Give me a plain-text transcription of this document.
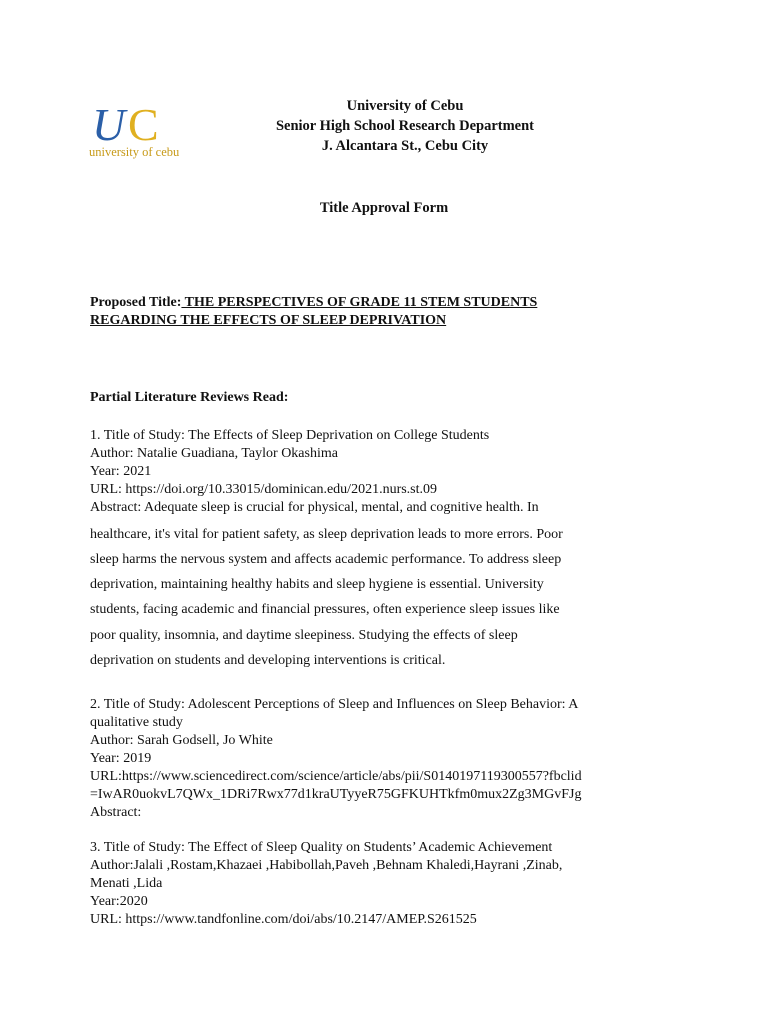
U C
university of cebu
University of Cebu
Senior High School Research Department
J. Alcantara St., Cebu City
Title Approval Form
Proposed Title: THE PERSPECTIVES OF GRADE 11 STEM STUDENTS REGARDING THE EFFECTS OF SLEEP DEPRIVATION
Partial Literature Reviews Read:
1. Title of Study: The Effects of Sleep Deprivation on College Students
Author: Natalie Guadiana, Taylor Okashima
Year: 2021
URL: https://doi.org/10.33015/dominican.edu/2021.nurs.st.09
Abstract: Adequate sleep is crucial for physical, mental, and cognitive health. In
healthcare, it's vital for patient safety, as sleep deprivation leads to more errors. Poor
sleep harms the nervous system and affects academic performance. To address sleep
deprivation, maintaining healthy habits and sleep hygiene is essential. University
students, facing academic and financial pressures, often experience sleep issues like
poor quality, insomnia, and daytime sleepiness. Studying the effects of sleep
deprivation on students and developing interventions is critical.
2. Title of Study: Adolescent Perceptions of Sleep and Influences on Sleep Behavior: A
qualitative study
Author: Sarah Godsell, Jo White
Year: 2019
URL:https://www.sciencedirect.com/science/article/abs/pii/S0140197119300557?fbclid
=IwAR0uokvL7QWx_1DRi7Rwx77d1kraUTyyeR75GFKUHTkfm0mux2Zg3MGvFJg
Abstract:
3. Title of Study: The Effect of Sleep Quality on Students’ Academic Achievement
Author:Jalali ,Rostam,Khazaei ,Habibollah,Paveh ,Behnam Khaledi,Hayrani ,Zinab,
Menati ,Lida
Year:2020
URL: https://www.tandfonline.com/doi/abs/10.2147/AMEP.S261525
